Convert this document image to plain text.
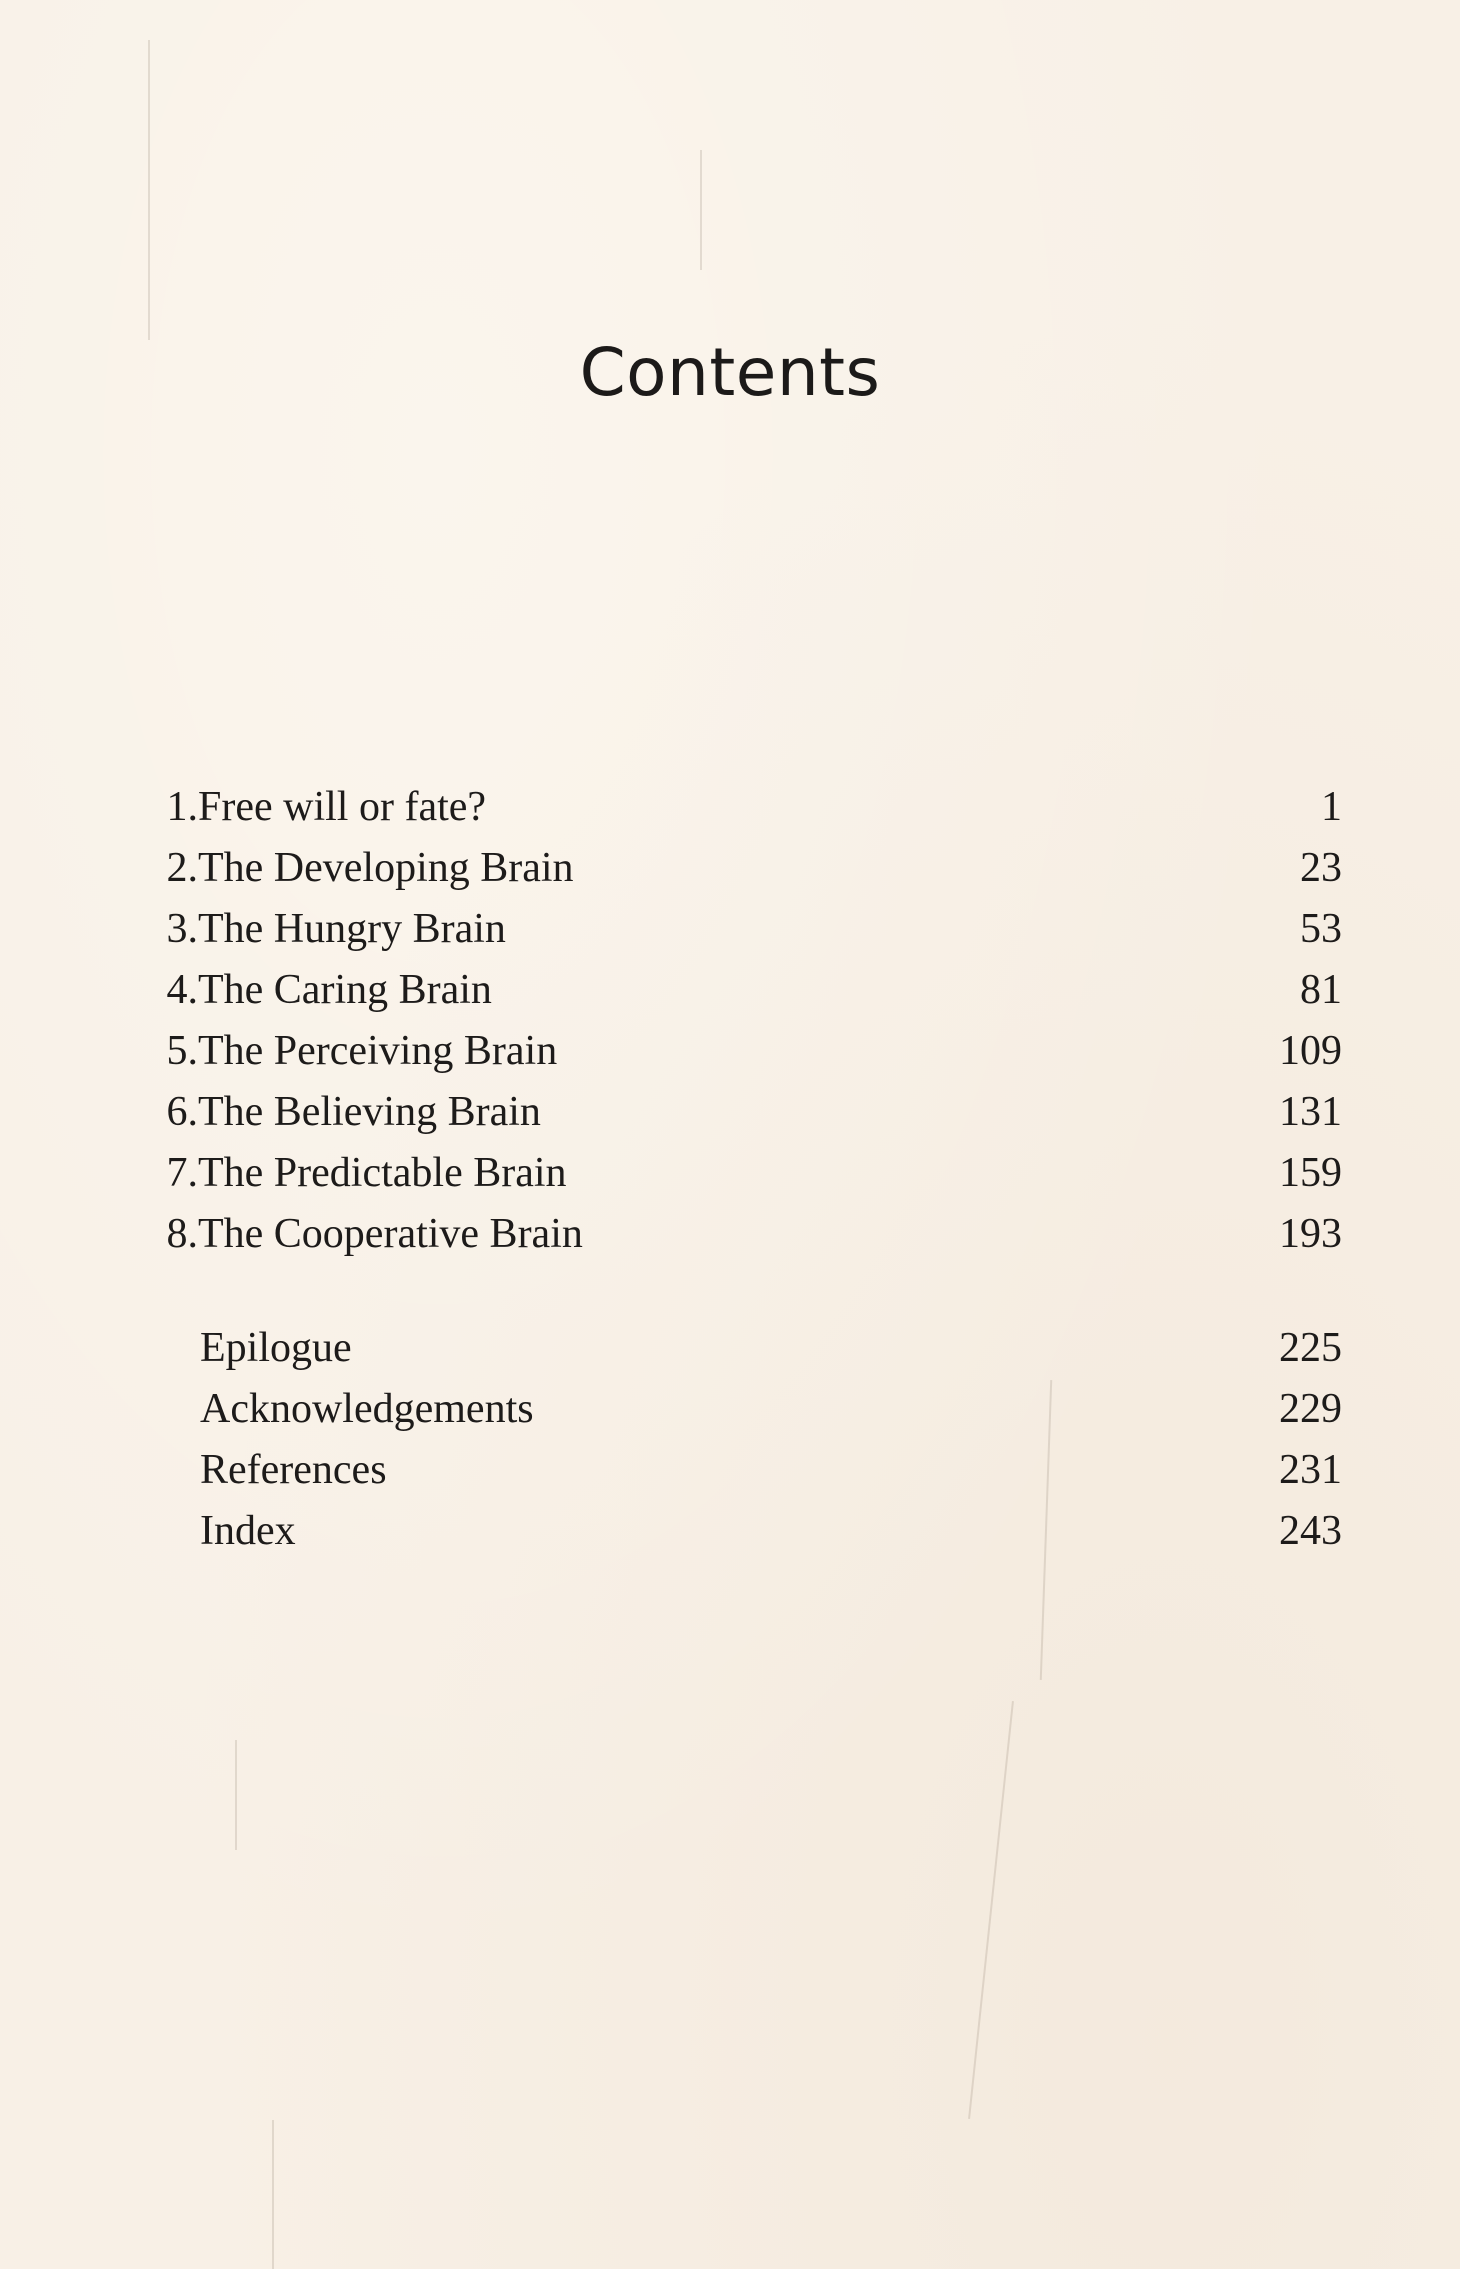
Contents
1. Free will or fate?	1
2. The Developing Brain	23
3. The Hungry Brain	53
4. The Caring Brain	81
5. The Perceiving Brain	109
6. The Believing Brain	131
7. The Predictable Brain	159
8. The Cooperative Brain	193
Epilogue	225
Acknowledgements	229
References	231
Index	243
